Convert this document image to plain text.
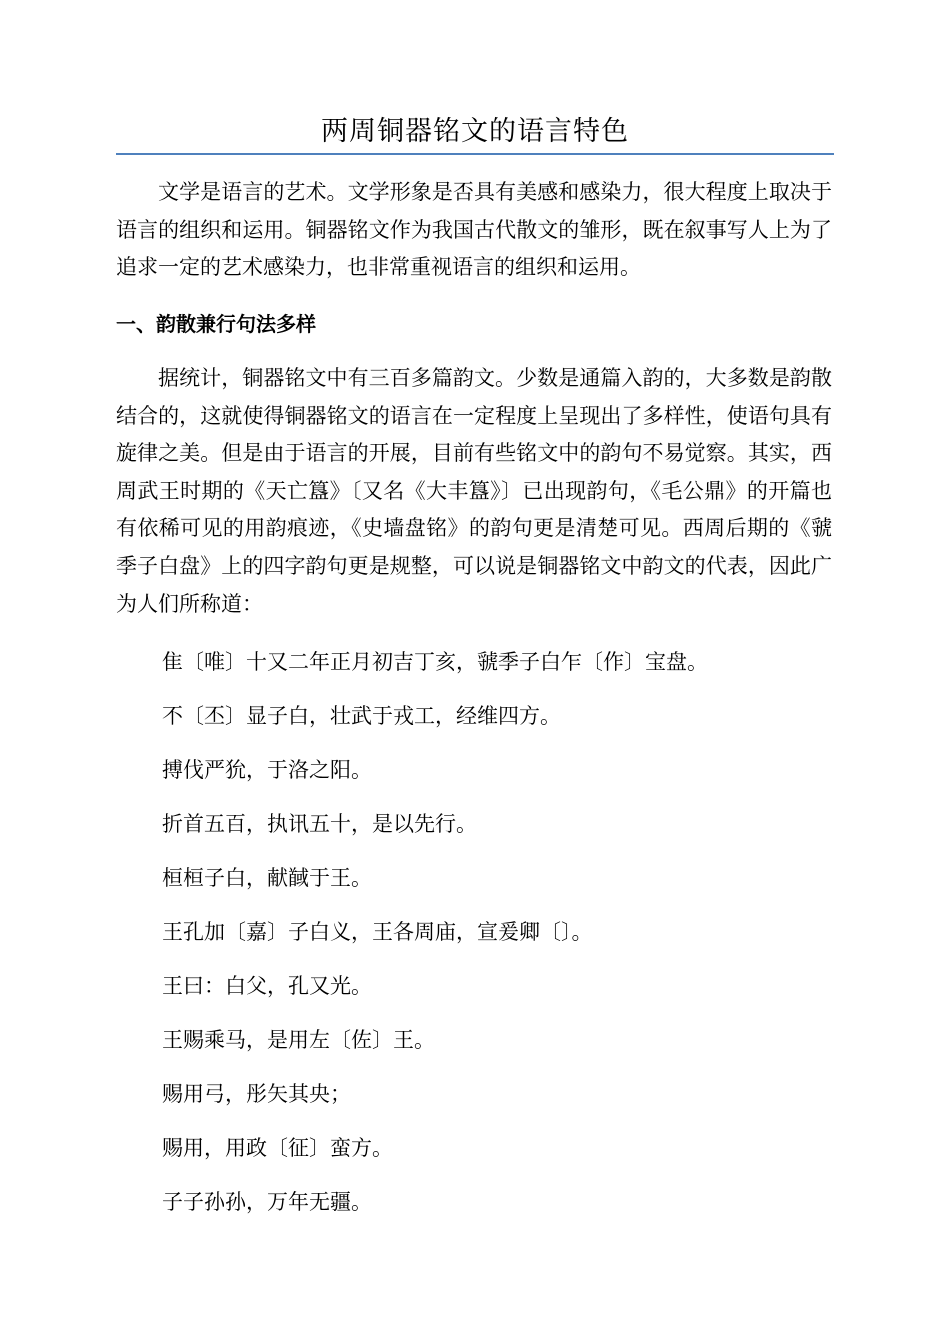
两周铜器铭文的语言特色

文学是语言的艺术。文学形象是否具有美感和感染力，很大程度上取决于语言的组织和运用。铜器铭文作为我国古代散文的雏形，既在叙事写人上为了追求一定的艺术感染力，也非常重视语言的组织和运用。

一、韵散兼行句法多样

据统计，铜器铭文中有三百多篇韵文。少数是通篇入韵的，大多数是韵散结合的，这就使得铜器铭文的语言在一定程度上呈现出了多样性，使语句具有旋律之美。但是由于语言的开展，目前有些铭文中的韵句不易觉察。其实，西周武王时期的《天亡簋》〔又名《大丰簋》〕已出现韵句，《毛公鼎》的开篇也有依稀可见的用韵痕迹，《史墙盘铭》的韵句更是清楚可见。西周后期的《虢季子白盘》上的四字韵句更是规整，可以说是铜器铭文中韵文的代表，因此广为人们所称道：

隹〔唯〕十又二年正月初吉丁亥，虢季子白乍〔作〕宝盘。
不〔丕〕显子白，壮武于戎工，经维四方。
搏伐严狁，于洛之阳。
折首五百，执讯五十，是以先行。
桓桓子白，献馘于王。
王孔加〔嘉〕子白义，王各周庙，宣爰卿〔〕。
王曰：白父，孔又光。
王赐乘马，是用左〔佐〕王。
赐用弓，彤矢其央；
赐用，用政〔征〕蛮方。
子子孙孙，万年无疆。
